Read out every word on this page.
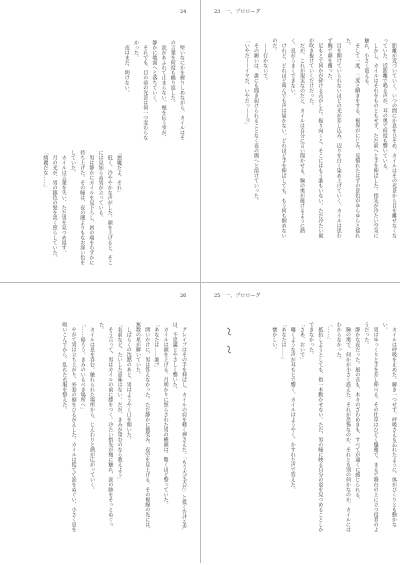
24

堅いなにかを握りしめながら、カイルはその言葉を何度も繰り返した。

涙があふれて止まらない。頬を伝う雫が、静かに地面へと落ちていく。

それでも、目の前の光景は何一つ変わらなかった。

夜はまだ、明けない。

「悪魔だよ、それ」

低く、冷ややかな声がした。顔を上げると、そこには見知らぬ男が立っている。

男は静かにカイルを見下ろし、唇の端をわずかに持ち上げた。その瞳は、夜の闇よりもなお深い色をしていた。

カイルは言葉を失い、ただ男を見つめ返す。

月の光が、男の銀色の髪を淡く照らしていた。

「綺麗だな……」

23 一、プロローグ

距離が近づいていく。いつの間にか息をひそめ、カイルはその光景から目を離せなくなっていた。近距離で鳴る声が、耳の奥で何度も響いている。

しかし、カイルはそれをものともせず、ただ前へと手を伸ばした。指先が冷たい空気に触れ、小さく震える。

そして一度、二度と瞬きをする。視界がにじみ、見慣れたはずの景色がゆらゆらと揺れた。

目を開けていられないほどの光が差し込み、辺りを白く染め上げていく。カイルは思わず腕で顔を覆った。

足もとで何かが砕ける音がした。振り向くと、そこにはもう誰もいない。ただ冷たい風が吹き抜けていくだけだった。

だが、これが現実なのだと、カイルは自分に言い聞かせる。胸の奥が焼けるように熱く、息がうまくできない。

けれど、どれほど叫んでも声は届かない。どれほど手を伸ばしても、もう何も掴めないのだ。

——行かないで。

その願いは、誰にも聞き届けられることなく夜の闇へと溶けていった。

「いやだ——イヤだ、いやだっ——!!」

26

グレイブはその手を伸ばし、カイルの肩を軽く押さえた。「もう大丈夫だ」と低く告げる声は、不思議とやさしく響いた。

カイルは顔を上げる。月明かりに照らされた男の横顔は、驚くほど整っていた。

「あなたは……誰?」

問いかけに、男は答えなかった。ただ静かに微笑み、夜空を見上げる。その視線の先には、無数の星が瞬いていた。

しばらくの沈黙のあと、男はようやく口を開いた。

「名前など、たいした意味はない。だが、きみが望むのなら教えよう」

そう言って、男はカイルの前に膝をつく。冷たい指先が頬に触れ、涙の跡をそっとぬぐった。

カイルは息を呑む。触れられた場所から、じんわりと熱が広がっていく。

「……帰ろう。きみのいるべき場所へ」

やがて男は立ち上がり、外套の裾をひるがえした。カイルは慌てて涙をぬぐい、小さく息を吸いこんでから、乱れた衣服を整えた。

25 一、プロローグ

カイルは呼吸を止めた。瞬き一つせず、呼吸さえも忘れたように、体がぴくりとも動かない。

男はゆっくりと手を差し伸べる。その仕草はひどく優雅で、まるで舞台の上に立つ役者のようだった。

静かな夜だった。風の音も、木々のざわめきも、すべてが遠くに感じられる。

胸の奥で、何かが小さく震えた。それが恐怖なのか、それとも別の何かなのか、カイルにはわからなかった。

「……」

抵抗しようとしても、指一本動かせない。ただ、男の瞳に映る自分の姿を見つめることしかできなかった。

「さあ、おいで」

囁くような声が耳もとで響く。カイルはようやく、かすれた声で答えた。

「あなたは……」

懐かしい。
